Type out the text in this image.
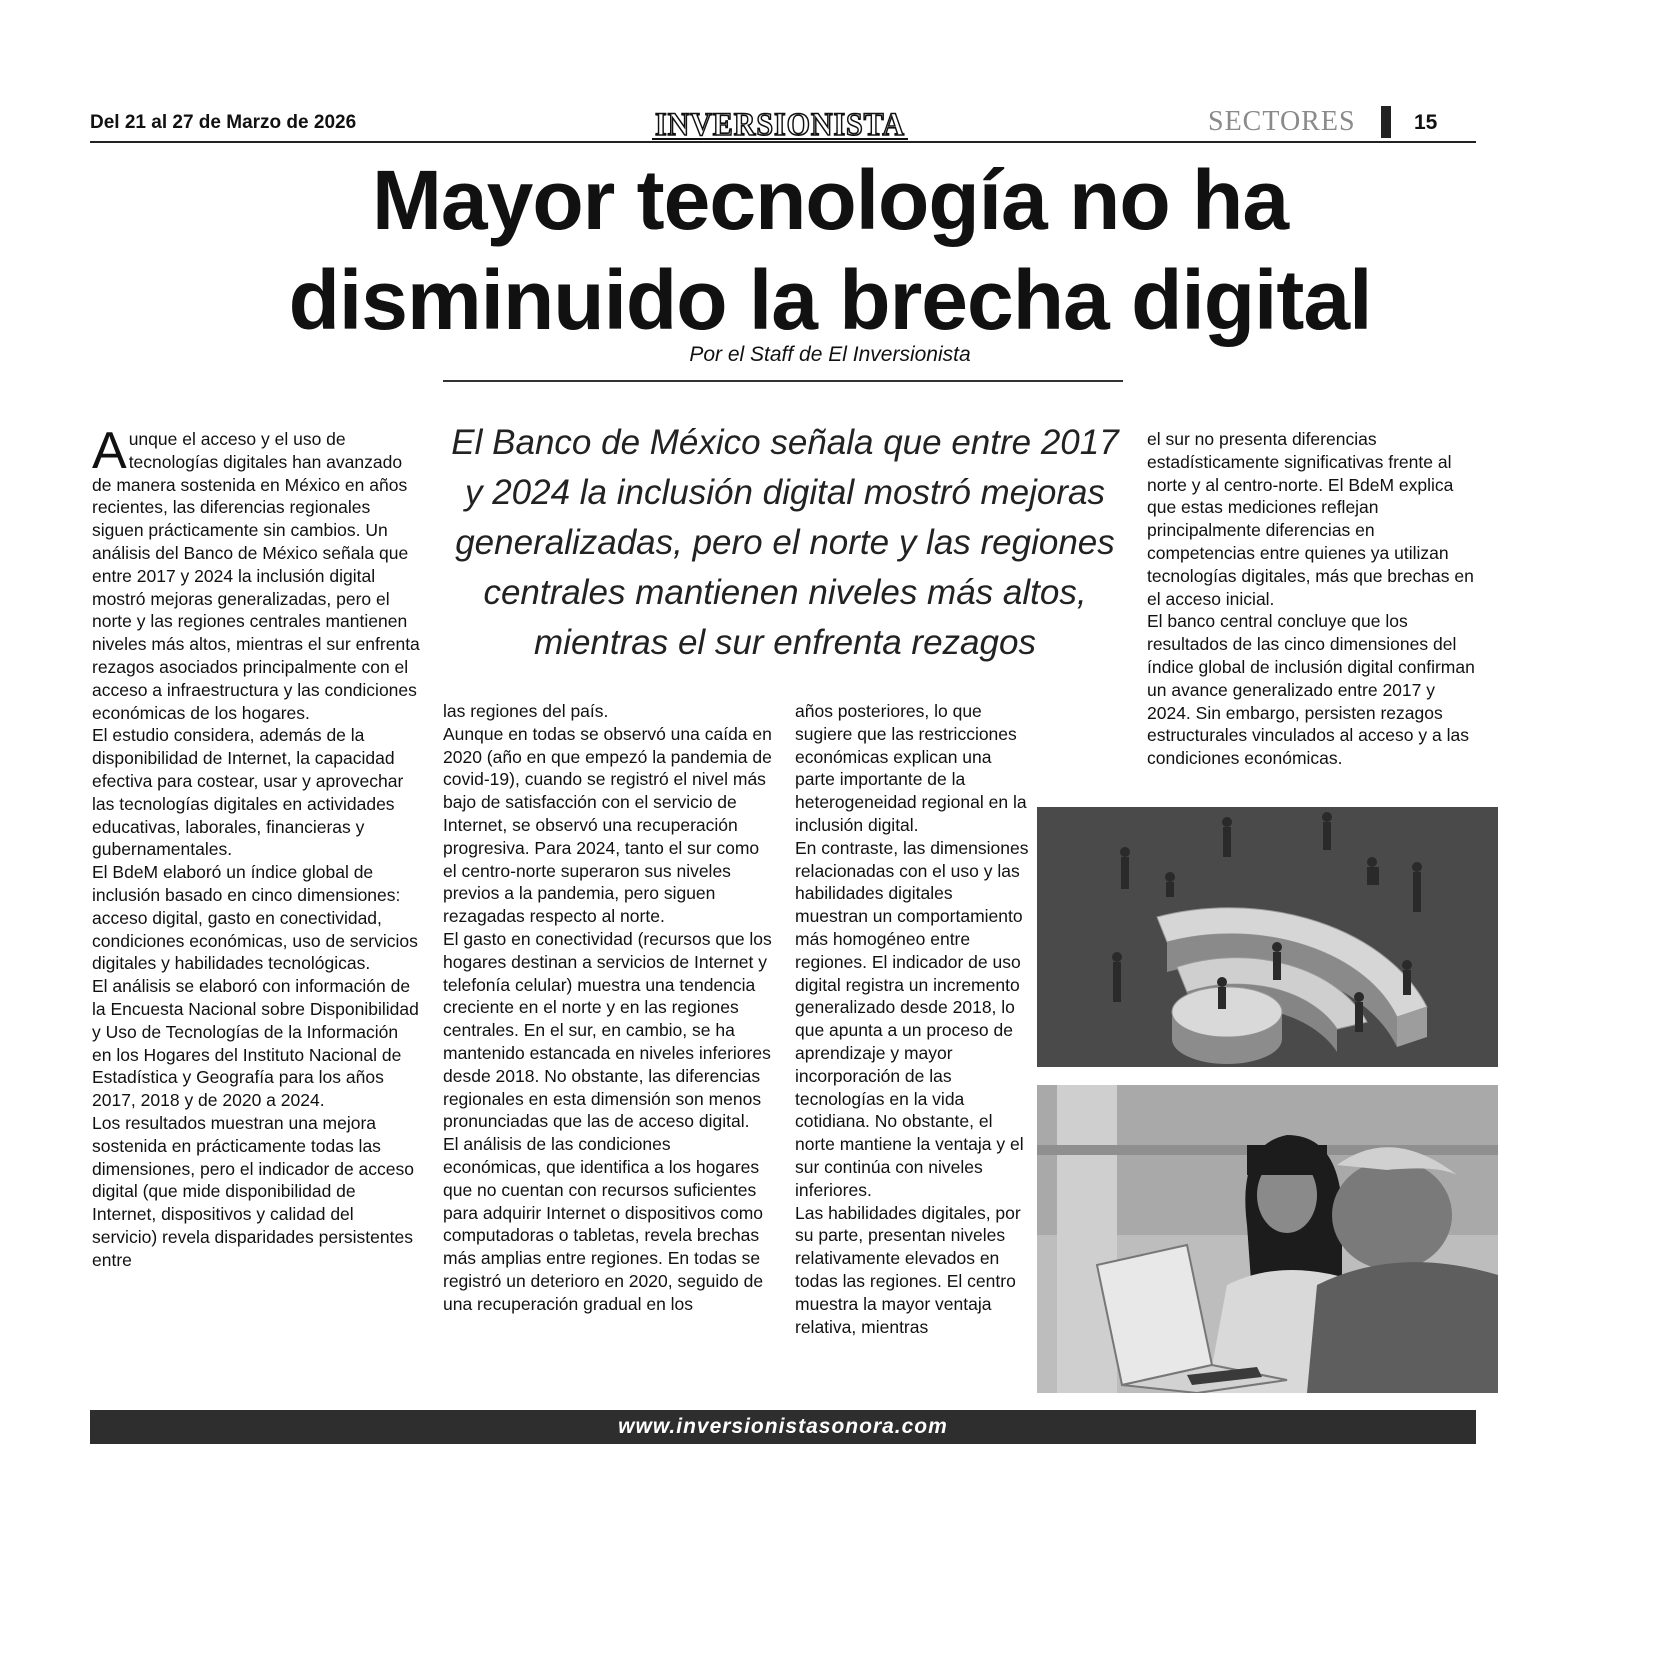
Del 21 al 27 de Marzo de 2026	INVERSIONISTA	SECTORES	15
Mayor tecnología no ha
disminuido la brecha digital
Por el Staff de El Inversionista
El Banco de México señala que entre 2017 y 2024 la inclusión digital mostró mejoras generalizadas, pero el norte y las regiones centrales mantienen niveles más altos, mientras el sur enfrenta rezagos

Aunque el acceso y el uso de tecnologías digitales han avanzado de manera sostenida en México en años recientes, las diferencias regionales siguen prácticamente sin cambios. Un análisis del Banco de México señala que entre 2017 y 2024 la inclusión digital mostró mejoras generalizadas, pero el norte y las regiones centrales mantienen niveles más altos, mientras el sur enfrenta rezagos asociados principalmente con el acceso a infraestructura y las condiciones económicas de los hogares.

El estudio considera, además de la disponibilidad de Internet, la capacidad efectiva para costear, usar y aprovechar las tecnologías digitales en actividades educativas, laborales, financieras y gubernamentales.

El BdeM elaboró un índice global de inclusión basado en cinco dimensiones: acceso digital, gasto en conectividad, condiciones económicas, uso de servicios digitales y habilidades tecnológicas.

El análisis se elaboró con información de la Encuesta Nacional sobre Disponibilidad y Uso de Tecnologías de la Información en los Hogares del Instituto Nacional de Estadística y Geografía para los años 2017, 2018 y de 2020 a 2024.

Los resultados muestran una mejora sostenida en prácticamente todas las dimensiones, pero el indicador de acceso digital (que mide disponibilidad de Internet, dispositivos y calidad del servicio) revela disparidades persistentes entre

las regiones del país.

Aunque en todas se observó una caída en 2020 (año en que empezó la pandemia de covid-19), cuando se registró el nivel más bajo de satisfacción con el servicio de Internet, se observó una recuperación progresiva. Para 2024, tanto el sur como el centro-norte superaron sus niveles previos a la pandemia, pero siguen rezagadas respecto al norte.

El gasto en conectividad (recursos que los hogares destinan a servicios de Internet y telefonía celular) muestra una tendencia creciente en el norte y en las regiones centrales. En el sur, en cambio, se ha mantenido estancada en niveles inferiores desde 2018. No obstante, las diferencias regionales en esta dimensión son menos pronunciadas que las de acceso digital.

El análisis de las condiciones económicas, que identifica a los hogares que no cuentan con recursos suficientes para adquirir Internet o dispositivos como computadoras o tabletas, revela brechas más amplias entre regiones. En todas se registró un deterioro en 2020, seguido de una recuperación gradual en los

años posteriores, lo que sugiere que las restricciones económicas explican una parte importante de la heterogeneidad regional en la inclusión digital.

En contraste, las dimensiones relacionadas con el uso y las habilidades digitales muestran un comportamiento más homogéneo entre regiones. El indicador de uso digital registra un incremento generalizado desde 2018, lo que apunta a un proceso de aprendizaje y mayor incorporación de las tecnologías en la vida cotidiana. No obstante, el norte mantiene la ventaja y el sur continúa con niveles inferiores.

Las habilidades digitales, por su parte, presentan niveles relativamente elevados en todas las regiones. El centro muestra la mayor ventaja relativa, mientras

el sur no presenta diferencias estadísticamente significativas frente al norte y al centro-norte. El BdeM explica que estas mediciones reflejan principalmente diferencias en competencias entre quienes ya utilizan tecnologías digitales, más que brechas en el acceso inicial.

El banco central concluye que los resultados de las cinco dimensiones del índice global de inclusión digital confirman un avance generalizado entre 2017 y 2024. Sin embargo, persisten rezagos estructurales vinculados al acceso y a las condiciones económicas.

www.inversionistasonora.com
